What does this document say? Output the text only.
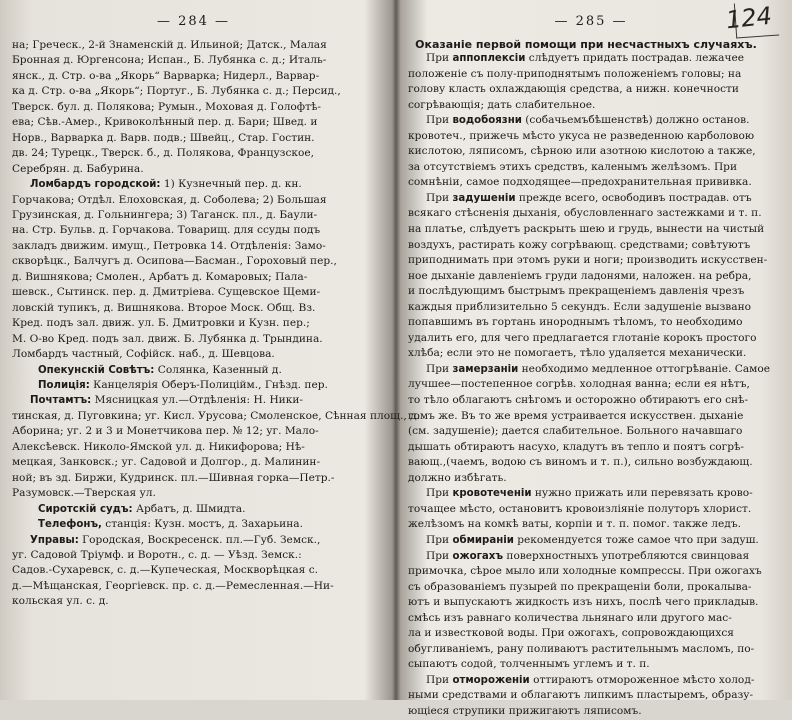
— 284 —
на; Греческ., 2-й Знаменскiй д. Ильиной; Датск., Малая
Бронная д. Юргенсона; Испан., Б. Лубянка с. д.; Италь-
янск., д. Стр. о-ва „Якорь“ Варварка; Нидерл., Варвар-
ка д. Стр. о-ва „Якорь“; Португ., Б. Лубянка с. д.; Персид.,
Тверск. бул. д. Полякова; Румын., Моховая д. Голофтѣ-
ева; Сѣв.-Амер., Кривоколѣнный пер. д. Бари; Швед. и
Норв., Варварка д. Варв. подв.; Швейц., Стар. Гостин.
дв. 24; Турецк., Тверск. б., д. Полякова, Французское,
Серебрян. д. Бабурина.
Ломбардъ городской: 1) Кузнечный пер. д. кн.
Горчакова; Отдѣл. Елоховская, д. Соболева; 2) Большая
Грузинская, д. Гольнингера; 3) Таганск. пл., д. Баули-
на. Стр. Бульв. д. Горчакова. Товарищ. для ссуды подъ
закладъ движим. имущ., Петровка 14. Отдѣленiя: Замо-
скворѣцк., Балчугъ д. Осипова—Басман., Гороховый пер.,
д. Вишнякова; Смолен., Арбатъ д. Комаровых; Пала-
шевск., Сытинск. пер. д. Дмитрiева. Сущевское Щеми-
ловскiй тупикъ, д. Вишнякова. Второе Моск. Общ. Вз.
Кред. подъ зал. движ. ул. Б. Дмитровки и Кузн. пер.;
М. О-во Кред. подъ зал. движ. Б. Лубянка д. Трындина.
Ломбардъ частный, Софiйск. наб., д. Шевцова.
Опекунскiй Совѣтъ: Солянка, Казенный д.
Полицiя: Канцелярiя Оберъ-Полицiйм., Гнѣзд. пер.
Почтамтъ: Мясницкая ул.—Отдѣленiя: Н. Ники-
тинская, д. Пуговкина; уг. Кисл. Урусова; Смоленское, Сѣнная площ., д.
Аборина; уг. 2 и 3 и Монетчикова пер. № 12; уг. Мало-
Алексѣевск. Николо-Ямской ул. д. Никифорова; Нѣ-
мецкая, Занковск.; уг. Садовой и Долгор., д. Малинин-
ной; въ зд. Биржи, Кудринск. пл.—Шивная горка—Петр.-
Разумовск.—Тверская ул.
Сиротскiй судъ: Арбатъ, д. Шмидта.
Телефонъ, станцiя: Кузн. мостъ, д. Захарьина.
Управы: Городская, Воскресенск. пл.—Губ. Земск.,
уг. Садовой Трiумф. и Ворoтн., с. д. — Уѣзд. Земск.:
Садов.-Сухаревск, с. д.—Купеческая, Москворѣцкая с.
д.—Мѣщанская, Георгiевск. пр. с. д.—Ремесленная.—Ни-
кольская ул. с. д.
124
— 285 —
Оказанiе первой помощи при несчастныхъ случаяхъ.
При аппоплексiи слѣдуетъ придать пострадав. лежачее
положенiе съ полу-приподнятымъ положенiемъ головы; на
голову класть охлаждающiя средства, а нижн. конечности
согрѣвающiя; дать слабительное.
При водобоязни (собачьемъбѣшенствѣ) должно останов.
кровотеч., прижечь мѣсто укуса не разведенною карболовою
кислотою, ляписомъ, сѣрною или азотною кислотою а также,
за отсутствiемъ этихъ средствъ, каленымъ желѣзомъ. При
сомнѣнiи, самое подходящее—предохранительная прививка.
При задушенiи прежде всего, освободивъ пострадав. отъ
всякаго стѣсненiя дыханiя, обусловленнаго застежками и т. п.
на платье, слѣдуетъ раскрыть шею и грудь, вынести на чистый
воздухъ, растирать кожу согрѣвающ. средствами; совѣтуютъ
приподнимать при этомъ руки и ноги; производить искусствен-
ное дыханiе давленiемъ груди ладонями, наложен. на ребра,
и послѣдующимъ быстрымъ прекращенiемъ давленiя чрезъ
каждыя приблизительно 5 секундъ. Если задушенiе вызвано
попавшимъ въ гортань инороднымъ тѣломъ, то необходимо
удалить его, для чего предлагается глотанiе корокъ простого
хлѣба; если это не помогаетъ, тѣло удаляется механически.
При замерзанiи необходимо медленное оттогрѣванiе. Самое
лучшее—постепенное согрѣв. холодная ванна; если ея нѣтъ,
то тѣло облагаютъ снѣгомъ и осторожно обтираютъ его снѣ-
гомъ же. Въ то же время устраивается искусствен. дыханiе
(см. задушенiе); дается слабительное. Больного начавшаго
дышать обтираютъ насухо, кладутъ въ тепло и поятъ согрѣ-
вающ.,(чаемъ, водою съ виномъ и т. п.), сильно возбуждающ.
должно избѣгать.
При кровотеченiи нужно прижать или перевязать крово-
точащее мѣсто, остановитъ кровоизлiянiе полуторъ хлорист.
желѣзомъ на комкѣ ваты, корпiи и т. п. помог. также ледъ.
При обмиранiи рекомендуется тоже самое что при задуш.
При ожогахъ поверхностныхъ употребляются свинцовая
примочка, сѣрое мыло или холодные компрессы. При ожогахъ
съ образованiемъ пузырей по прекращенiи боли, прокалыва-
ютъ и выпускаютъ жидкость изъ нихъ, послѣ чего прикладыв.
смѣсь изъ равнаго количества льнянаго или другого мас-
ла и известковой воды. При ожогахъ, сопровождающихся
обугливанiемъ, рану поливаютъ растительнымъ масломъ, по-
сыпаютъ содой, толченнымъ углемъ и т. п.
При отмороженiи оттираютъ отмороженное мѣсто холод-
ными средствами и облагаютъ липкимъ пластыремъ, образу-
ющiеся струпики прижигаютъ ляписомъ.
